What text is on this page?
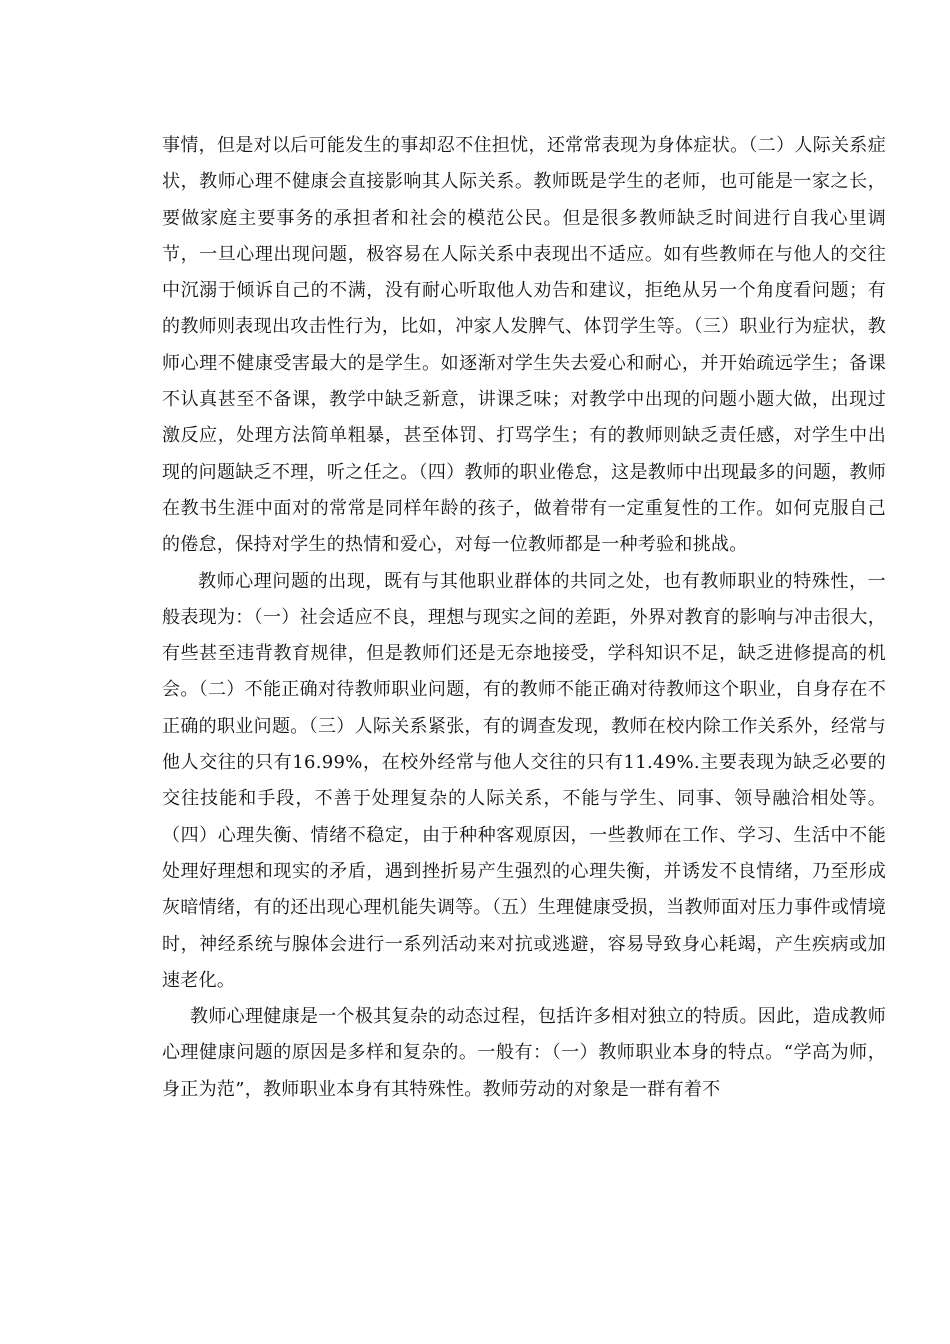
事情，但是对以后可能发生的事却忍不住担忧，还常常表现为身体症状。（二）人际关系症状，教师心理不健康会直接影响其人际关系。教师既是学生的老师，也可能是一家之长，要做家庭主要事务的承担者和社会的模范公民。但是很多教师缺乏时间进行自我心里调节，一旦心理出现问题，极容易在人际关系中表现出不适应。如有些教师在与他人的交往中沉溺于倾诉自己的不满，没有耐心听取他人劝告和建议，拒绝从另一个角度看问题；有的教师则表现出攻击性行为，比如，冲家人发脾气、体罚学生等。（三）职业行为症状，教师心理不健康受害最大的是学生。如逐渐对学生失去爱心和耐心，并开始疏远学生；备课不认真甚至不备课，教学中缺乏新意，讲课乏味；对教学中出现的问题小题大做，出现过激反应，处理方法简单粗暴，甚至体罚、打骂学生；有的教师则缺乏责任感，对学生中出现的问题缺乏不理，听之任之。（四）教师的职业倦怠，这是教师中出现最多的问题，教师在教书生涯中面对的常常是同样年龄的孩子，做着带有一定重复性的工作。如何克服自己的倦怠，保持对学生的热情和爱心，对每一位教师都是一种考验和挑战。

教师心理问题的出现，既有与其他职业群体的共同之处，也有教师职业的特殊性，一般表现为：（一）社会适应不良，理想与现实之间的差距，外界对教育的影响与冲击很大，有些甚至违背教育规律，但是教师们还是无奈地接受，学科知识不足，缺乏进修提高的机会。（二）不能正确对待教师职业问题，有的教师不能正确对待教师这个职业，自身存在不正确的职业问题。（三）人际关系紧张，有的调查发现，教师在校内除工作关系外，经常与他人交往的只有16.99%，在校外经常与他人交往的只有11.49%.主要表现为缺乏必要的交往技能和手段，不善于处理复杂的人际关系，不能与学生、同事、领导融洽相处等。（四）心理失衡、情绪不稳定，由于种种客观原因，一些教师在工作、学习、生活中不能处理好理想和现实的矛盾，遇到挫折易产生强烈的心理失衡，并诱发不良情绪，乃至形成灰暗情绪，有的还出现心理机能失调等。（五）生理健康受损，当教师面对压力事件或情境时，神经系统与腺体会进行一系列活动来对抗或逃避，容易导致身心耗竭，产生疾病或加速老化。

教师心理健康是一个极其复杂的动态过程，包括许多相对独立的特质。因此，造成教师心理健康问题的原因是多样和复杂的。一般有：（一）教师职业本身的特点。“学高为师，身正为范”，教师职业本身有其特殊性。教师劳动的对象是一群有着不
